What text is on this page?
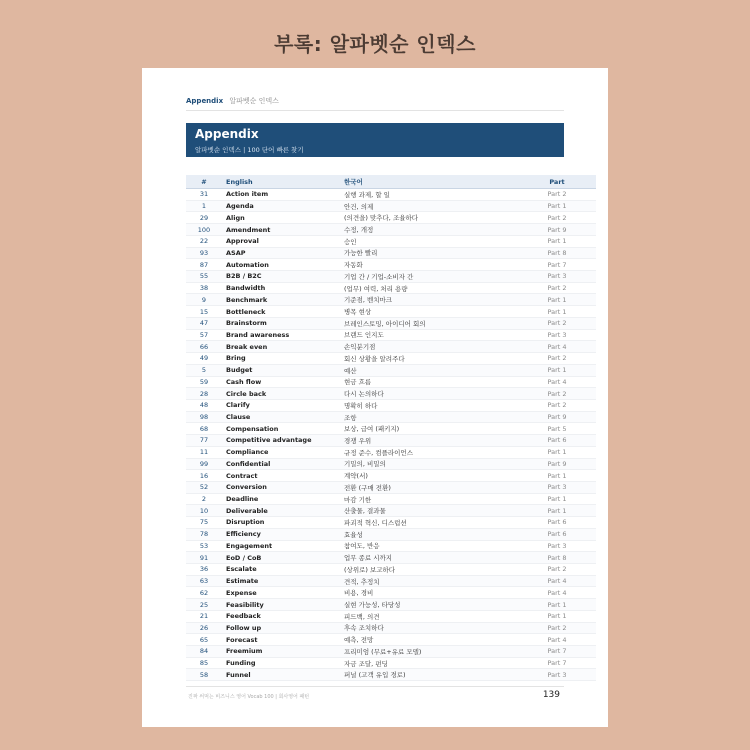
부록: 알파벳순 인덱스
Appendix 알파벳순 인덱스
Appendix
알파벳순 인덱스 | 100 단어 빠른 찾기
#	English	한국어	Part
31	Action item	실행 과제, 할 일	Part 2
1	Agenda	안건, 의제	Part 1
29	Align	(의견을) 맞추다, 조율하다	Part 2
100	Amendment	수정, 개정	Part 9
22	Approval	승인	Part 1
93	ASAP	가능한 빨리	Part 8
87	Automation	자동화	Part 7
55	B2B / B2C	기업 간 / 기업-소비자 간	Part 3
38	Bandwidth	(업무) 여력, 처리 용량	Part 2
9	Benchmark	기준점, 벤치마크	Part 1
15	Bottleneck	병목 현상	Part 1
47	Brainstorm	브레인스토밍, 아이디어 회의	Part 2
57	Brand awareness	브랜드 인지도	Part 3
66	Break even	손익분기점	Part 4
49	Bring	회신 상황을 알려주다	Part 2
5	Budget	예산	Part 1
59	Cash flow	현금 흐름	Part 4
28	Circle back	다시 논의하다	Part 2
48	Clarify	명확히 하다	Part 2
98	Clause	조항	Part 9
68	Compensation	보상, 급여 (패키지)	Part 5
77	Competitive advantage	경쟁 우위	Part 6
11	Compliance	규정 준수, 컴플라이언스	Part 1
99	Confidential	기밀의, 비밀의	Part 9
16	Contract	계약(서)	Part 1
52	Conversion	전환 (구매 전환)	Part 3
2	Deadline	마감 기한	Part 1
10	Deliverable	산출물, 결과물	Part 1
75	Disruption	파괴적 혁신, 디스럽션	Part 6
78	Efficiency	효율성	Part 6
53	Engagement	참여도, 반응	Part 3
91	EoD / CoB	업무 종료 시까지	Part 8
36	Escalate	(상위로) 보고하다	Part 2
63	Estimate	견적, 추정치	Part 4
62	Expense	비용, 경비	Part 4
25	Feasibility	실현 가능성, 타당성	Part 1
21	Feedback	피드백, 의견	Part 1
26	Follow up	후속 조치하다	Part 2
65	Forecast	예측, 전망	Part 4
84	Freemium	프리미엄 (무료+유료 모델)	Part 7
85	Funding	자금 조달, 펀딩	Part 7
58	Funnel	퍼널 (고객 유입 경로)	Part 3
진짜 써먹는 비즈니스 영어 Vocab 100 | 회사영어 패턴	139
